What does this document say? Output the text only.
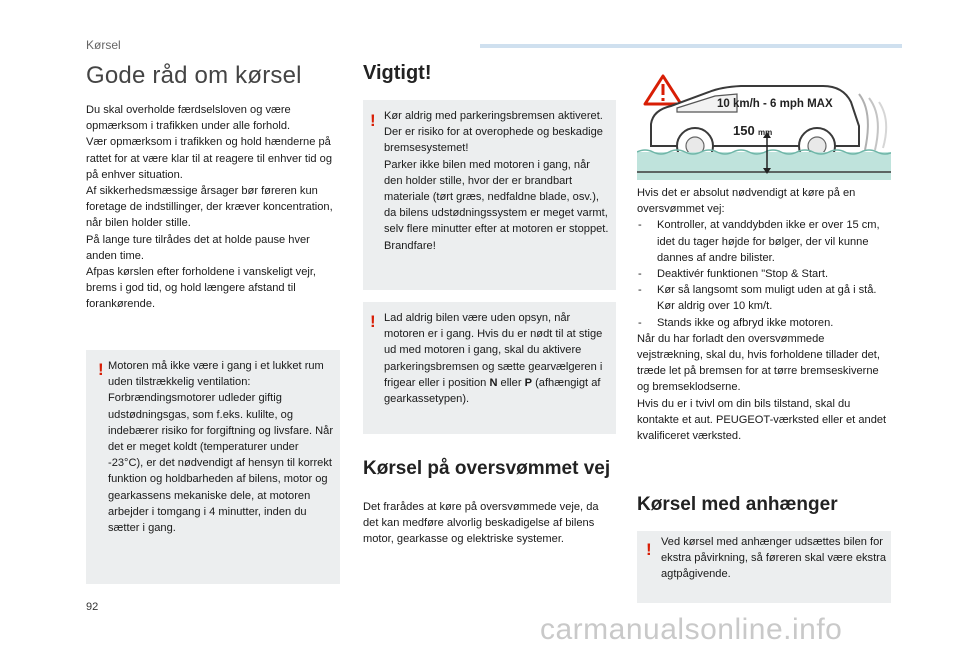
Kørsel
Gode råd om kørsel

Du skal overholde færdselsloven og være opmærksom i trafikken under alle forhold.
Vær opmærksom i trafikken og hold hænderne på rattet for at være klar til at reagere til enhver tid og på enhver situation.
Af sikkerhedsmæssige årsager bør føreren kun foretage de indstillinger, der kræver koncentration, når bilen holder stille.
På lange ture tilrådes det at holde pause hver anden time.
Afpas kørslen efter forholdene i vanskeligt vejr, brems i god tid, og hold længere afstand til forankørende.

! Motoren må ikke være i gang i et lukket rum uden tilstrækkelig ventilation: Forbrændingsmotorer udleder giftig udstødningsgas, som f.eks. kulilte, og indebærer risiko for forgiftning og livsfare. Når det er meget koldt (temperaturer under -23°C), er det nødvendigt af hensyn til korrekt funktion og holdbarheden af bilens, motor og gearkassens mekaniske dele, at motoren arbejder i tomgang i 4 minutter, inden du sætter i gang.
Vigtigt!
! Kør aldrig med parkeringsbremsen aktiveret. Der er risiko for at overophede og beskadige bremsesystemet!
Parker ikke bilen med motoren i gang, når den holder stille, hvor der er brandbart materiale (tørt græs, nedfaldne blade, osv.), da bilens udstødningssystem er meget varmt, selv flere minutter efter at motoren er stoppet. Brandfare!
! Lad aldrig bilen være uden opsyn, når motoren er i gang. Hvis du er nødt til at stige ud med motoren i gang, skal du aktivere parkeringsbremsen og sætte gearvælgeren i frigear eller i position N eller P (afhængigt af gearkassetypen).
Kørsel på oversvømmet vej

Det frarådes at køre på oversvømmede veje, da det kan medføre alvorlig beskadigelse af bilens motor, gearkasse og elektriske systemer.

150 mm
10 km/h - 6 mph MAX

Hvis det er absolut nødvendigt at køre på en oversvømmet vej:

- Kontroller, at vanddybden ikke er over 15 cm, idet du tager højde for bølger, der vil kunne dannes af andre bilister.
- Deaktivér funktionen "Stop & Start.
- Kør så langsomt som muligt uden at gå i stå. Kør aldrig over 10 km/t.
- Stands ikke og afbryd ikke motoren.

Når du har forladt den oversvømmede vejstrækning, skal du, hvis forholdene tillader det, træde let på bremsen for at tørre bremseskiverne og bremseklodserne.
Hvis du er i tvivl om din bils tilstand, skal du kontakte et aut. PEUGEOT-værksted eller et andet kvalificeret værksted.

Kørsel med anhænger
! Ved kørsel med anhænger udsættes bilen for ekstra påvirkning, så føreren skal være ekstra agtpågivende.
92
carmanualsonline.info
